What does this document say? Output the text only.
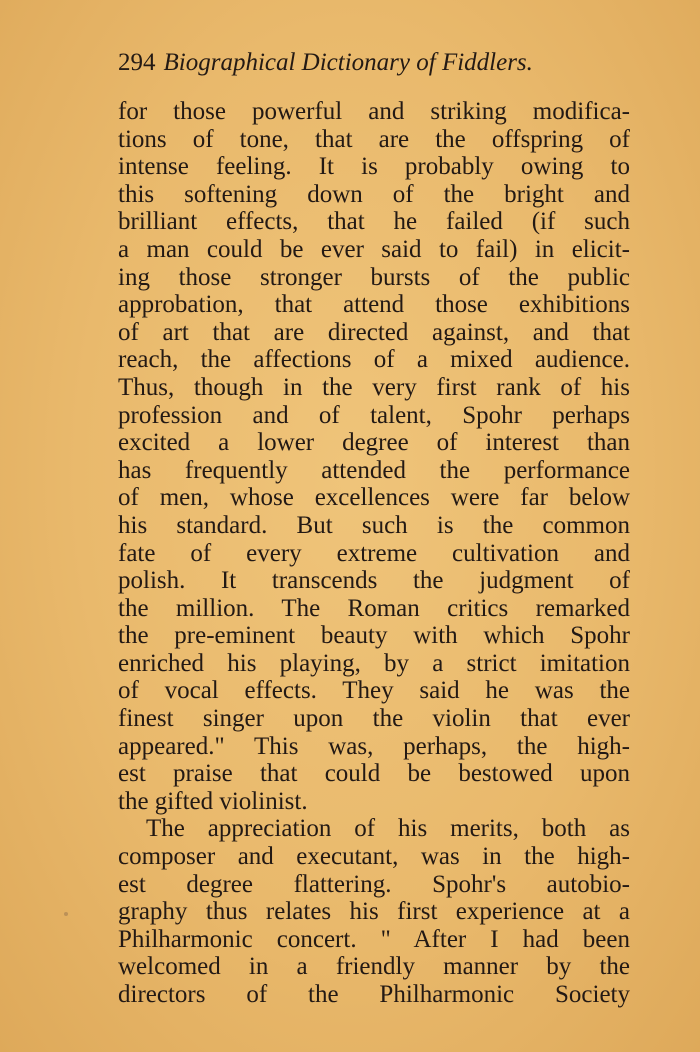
294 Biographical Dictionary of Fiddlers.
for those powerful and striking modifica-
tions of tone, that are the offspring of
intense feeling. It is probably owing to
this softening down of the bright and
brilliant effects, that he failed (if such
a man could be ever said to fail) in elicit-
ing those stronger bursts of the public
approbation, that attend those exhibitions
of art that are directed against, and that
reach, the affections of a mixed audience.
Thus, though in the very first rank of his
profession and of talent, Spohr perhaps
excited a lower degree of interest than
has frequently attended the performance
of men, whose excellences were far below
his standard. But such is the common
fate of every extreme cultivation and
polish. It transcends the judgment of
the million. The Roman critics remarked
the pre-eminent beauty with which Spohr
enriched his playing, by a strict imitation
of vocal effects. They said he was the
finest singer upon the violin that ever
appeared." This was, perhaps, the high-
est praise that could be bestowed upon
the gifted violinist.
The appreciation of his merits, both as
composer and executant, was in the high-
est degree flattering. Spohr's autobio-
graphy thus relates his first experience at a
Philharmonic concert. " After I had been
welcomed in a friendly manner by the
directors of the Philharmonic Society
